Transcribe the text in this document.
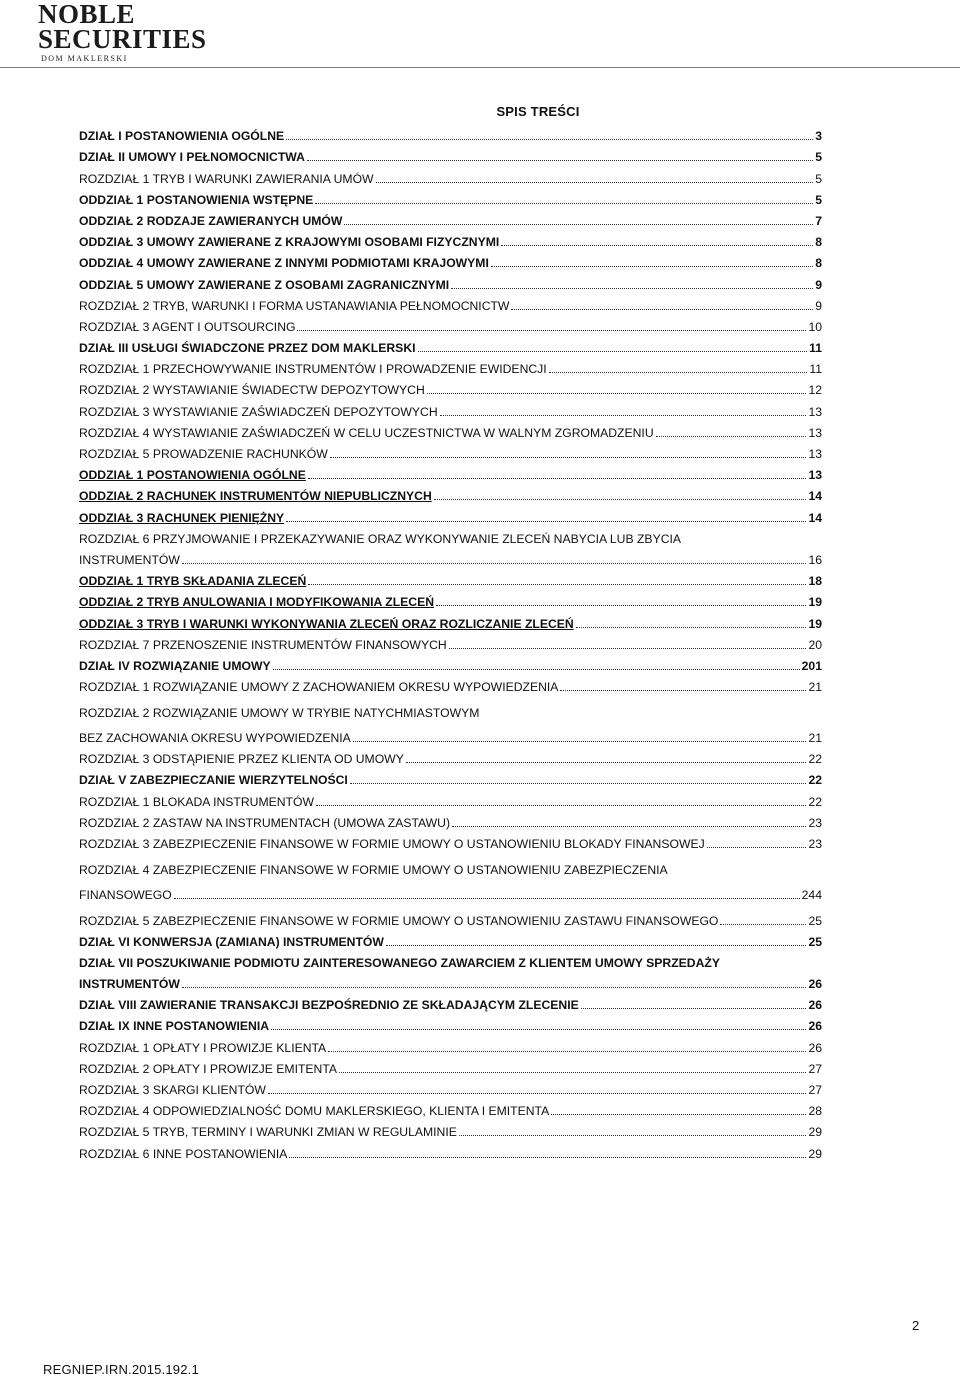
NOBLE
SECURITIES
DOM MAKLERSKI
SPIS TREŚCI
DZIAŁ I POSTANOWIENIA OGÓLNE	3
DZIAŁ II UMOWY I PEŁNOMOCNICTWA	5
ROZDZIAŁ 1 TRYB I WARUNKI ZAWIERANIA UMÓW	5
ODDZIAŁ 1 POSTANOWIENIA WSTĘPNE	5
ODDZIAŁ 2 RODZAJE ZAWIERANYCH UMÓW	7
ODDZIAŁ 3 UMOWY ZAWIERANE Z KRAJOWYMI OSOBAMI FIZYCZNYMI	8
ODDZIAŁ 4 UMOWY ZAWIERANE Z INNYMI PODMIOTAMI KRAJOWYMI	8
ODDZIAŁ 5 UMOWY ZAWIERANE Z OSOBAMI ZAGRANICZNYMI	9
ROZDZIAŁ 2 TRYB, WARUNKI I FORMA USTANAWIANIA PEŁNOMOCNICTW	9
ROZDZIAŁ 3 AGENT I OUTSOURCING	10
DZIAŁ III USŁUGI ŚWIADCZONE PRZEZ DOM MAKLERSKI	11
ROZDZIAŁ 1 PRZECHOWYWANIE INSTRUMENTÓW I PROWADZENIE EWIDENCJI	11
ROZDZIAŁ 2 WYSTAWIANIE ŚWIADECTW DEPOZYTOWYCH	12
ROZDZIAŁ 3 WYSTAWIANIE ZAŚWIADCZEŃ DEPOZYTOWYCH	13
ROZDZIAŁ 4 WYSTAWIANIE ZAŚWIADCZEŃ W CELU UCZESTNICTWA W WALNYM ZGROMADZENIU	13
ROZDZIAŁ 5 PROWADZENIE RACHUNKÓW	13
ODDZIAŁ 1 POSTANOWIENIA OGÓLNE	13
ODDZIAŁ 2 RACHUNEK INSTRUMENTÓW NIEPUBLICZNYCH	14
ODDZIAŁ 3 RACHUNEK PIENIĘŻNY	14
ROZDZIAŁ 6 PRZYJMOWANIE I PRZEKAZYWANIE ORAZ WYKONYWANIE ZLECEŃ NABYCIA LUB ZBYCIA
INSTRUMENTÓW	16
ODDZIAŁ 1 TRYB SKŁADANIA ZLECEŃ	18
ODDZIAŁ 2 TRYB ANULOWANIA I MODYFIKOWANIA ZLECEŃ	19
ODDZIAŁ 3 TRYB I WARUNKI WYKONYWANIA ZLECEŃ ORAZ ROZLICZANIE ZLECEŃ	19
ROZDZIAŁ 7 PRZENOSZENIE INSTRUMENTÓW FINANSOWYCH	20
DZIAŁ IV ROZWIĄZANIE UMOWY	201
ROZDZIAŁ 1 ROZWIĄZANIE UMOWY Z ZACHOWANIEM OKRESU WYPOWIEDZENIA	21
ROZDZIAŁ 2 ROZWIĄZANIE UMOWY W TRYBIE NATYCHMIASTOWYM
BEZ ZACHOWANIA OKRESU WYPOWIEDZENIA	21
ROZDZIAŁ 3 ODSTĄPIENIE PRZEZ KLIENTA OD UMOWY	22
DZIAŁ V ZABEZPIECZANIE WIERZYTELNOŚCI	22
ROZDZIAŁ 1 BLOKADA INSTRUMENTÓW	22
ROZDZIAŁ 2 ZASTAW NA INSTRUMENTACH (UMOWA ZASTAWU)	23
ROZDZIAŁ 3 ZABEZPIECZENIE FINANSOWE W FORMIE UMOWY O USTANOWIENIU BLOKADY FINANSOWEJ	23
ROZDZIAŁ 4 ZABEZPIECZENIE FINANSOWE W FORMIE UMOWY O USTANOWIENIU ZABEZPIECZENIA
FINANSOWEGO	244
ROZDZIAŁ 5 ZABEZPIECZENIE FINANSOWE W FORMIE UMOWY O USTANOWIENIU ZASTAWU FINANSOWEGO	25
DZIAŁ VI KONWERSJA (ZAMIANA) INSTRUMENTÓW	25
DZIAŁ VII POSZUKIWANIE PODMIOTU ZAINTERESOWANEGO ZAWARCIEM Z KLIENTEM UMOWY SPRZEDAŻY
INSTRUMENTÓW	26
DZIAŁ VIII ZAWIERANIE TRANSAKCJI BEZPOŚREDNIO ZE SKŁADAJĄCYM ZLECENIE	26
DZIAŁ IX INNE POSTANOWIENIA	26
ROZDZIAŁ 1 OPŁATY I PROWIZJE KLIENTA	26
ROZDZIAŁ 2 OPŁATY I PROWIZJE EMITENTA	27
ROZDZIAŁ 3 SKARGI KLIENTÓW	27
ROZDZIAŁ 4 ODPOWIEDZIALNOŚĆ DOMU MAKLERSKIEGO, KLIENTA I EMITENTA	28
ROZDZIAŁ 5 TRYB, TERMINY I WARUNKI ZMIAN W REGULAMINIE	29
ROZDZIAŁ 6 INNE POSTANOWIENIA	29
2
REGNIEP.IRN.2015.192.1
